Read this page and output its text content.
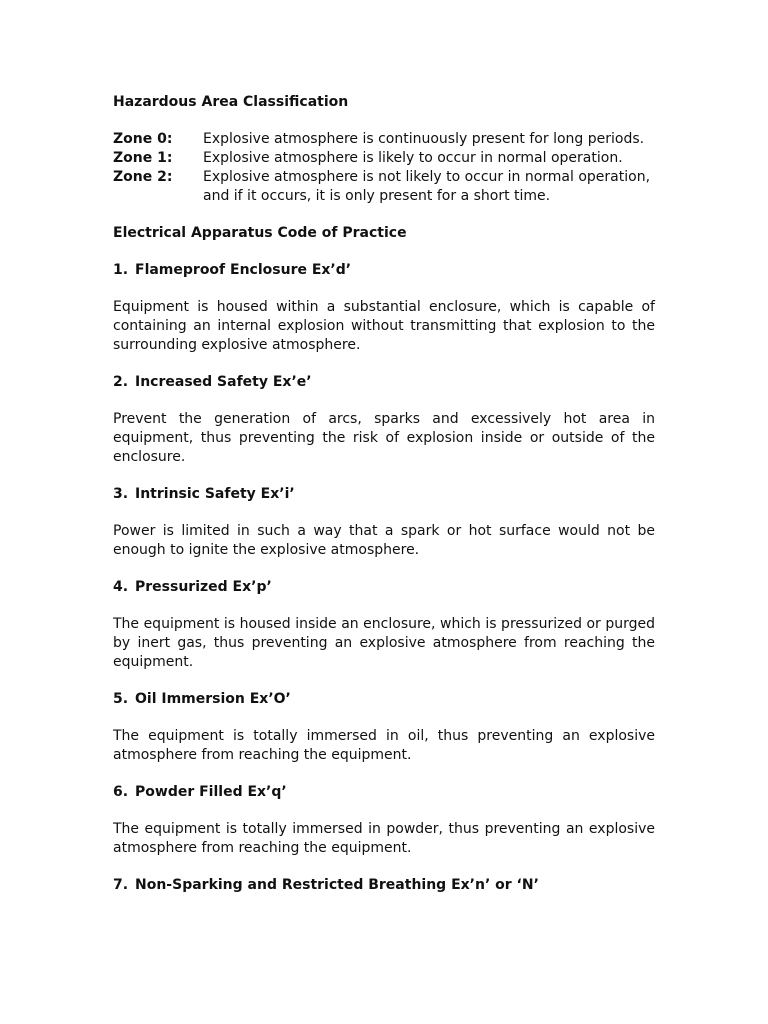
Hazardous Area Classification
Zone 0:	Explosive atmosphere is continuously present for long periods.
Zone 1:	Explosive atmosphere is likely to occur in normal operation.
Zone 2:	Explosive atmosphere is not likely to occur in normal operation, and if it occurs, it is only present for a short time.
Electrical Apparatus Code of Practice
1. Flameproof Enclosure Ex’d’
Equipment is housed within a substantial enclosure, which is capable of containing an internal explosion without transmitting that explosion to the surrounding explosive atmosphere.
2. Increased Safety Ex’e’
Prevent the generation of arcs, sparks and excessively hot area in equipment, thus preventing the risk of explosion inside or outside of the enclosure.
3. Intrinsic Safety Ex’i’
Power is limited in such a way that a spark or hot surface would not be enough to ignite the explosive atmosphere.
4. Pressurized Ex’p’
The equipment is housed inside an enclosure, which is pressurized or purged by inert gas, thus preventing an explosive atmosphere from reaching the equipment.
5. Oil Immersion Ex’O’
The equipment is totally immersed in oil, thus preventing an explosive atmosphere from reaching the equipment.
6. Powder Filled Ex’q’
The equipment is totally immersed in powder, thus preventing an explosive atmosphere from reaching the equipment.
7. Non-Sparking and Restricted Breathing Ex’n’ or ‘N’
